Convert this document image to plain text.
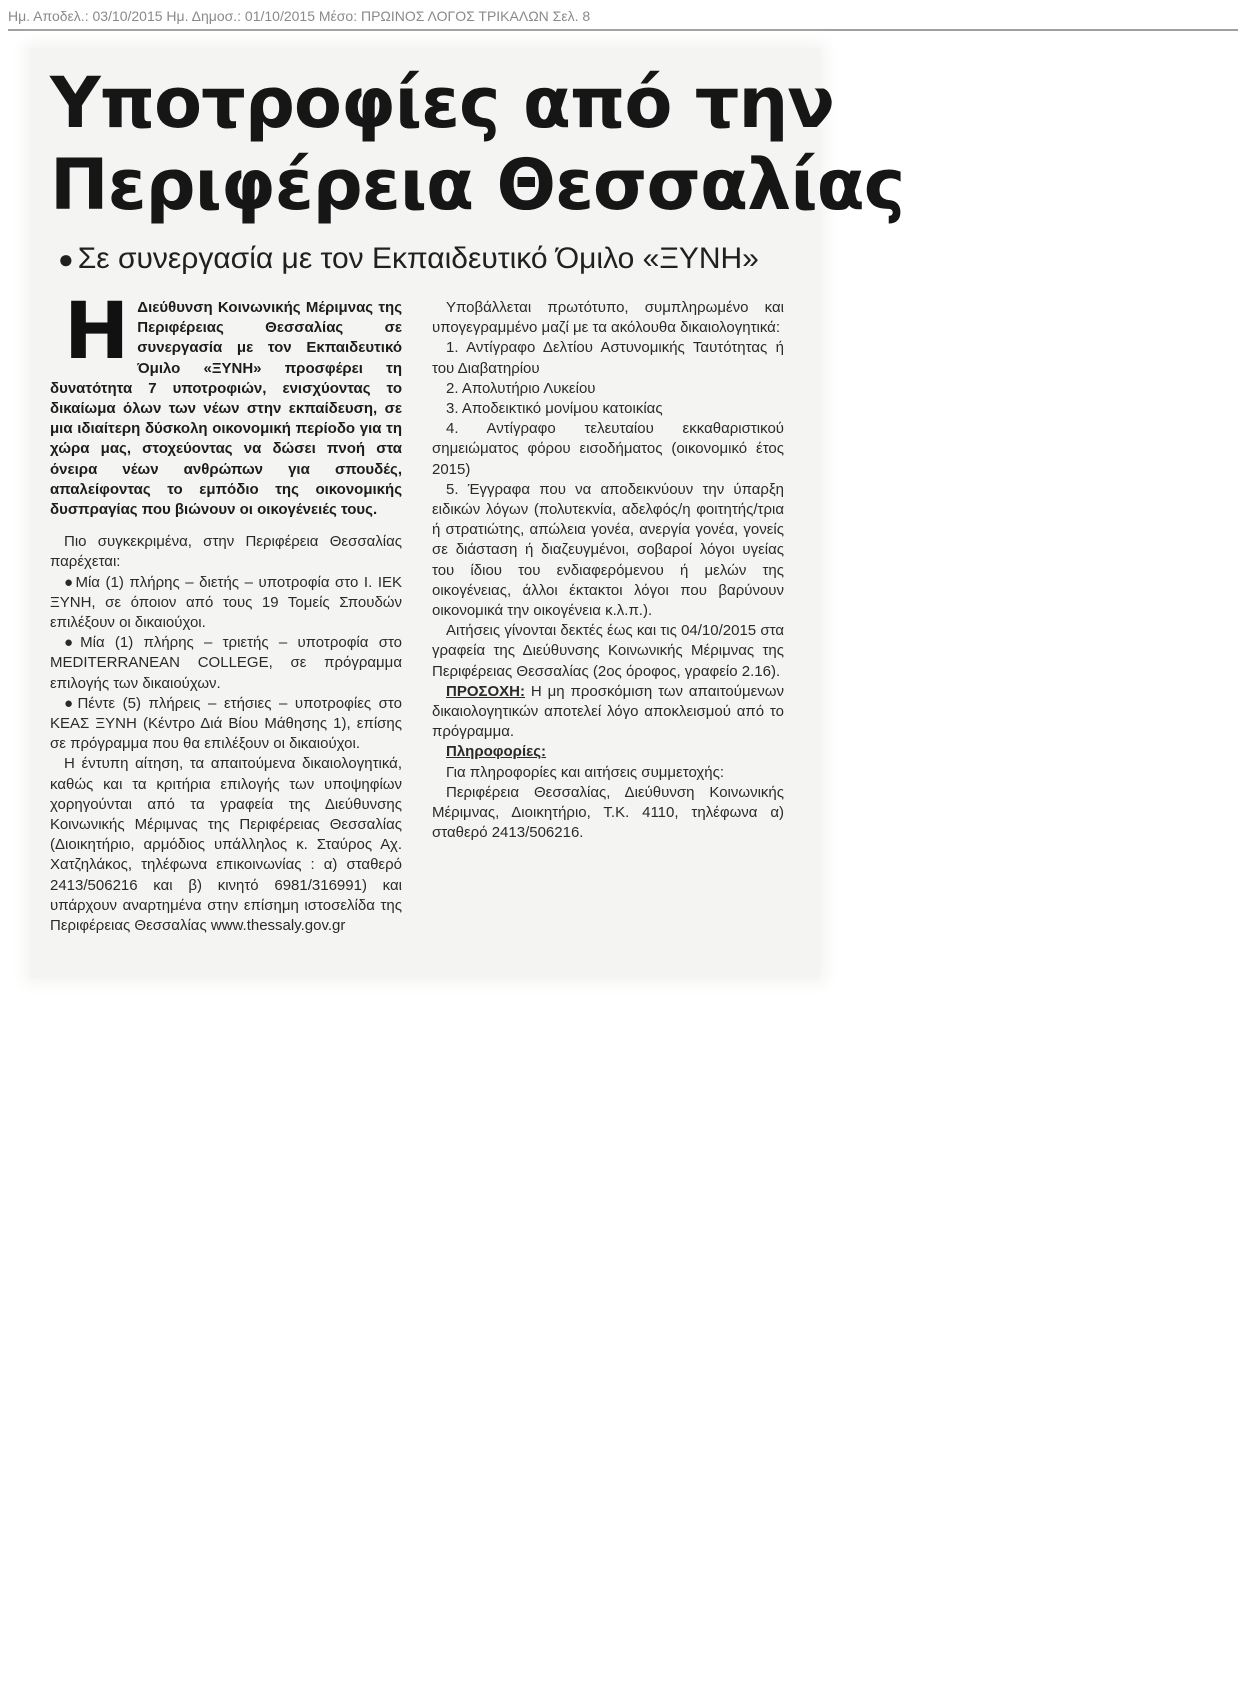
Ημ. Αποδελ.: 03/10/2015 Ημ. Δημοσ.: 01/10/2015 Μέσο: ΠΡΩΙΝΟΣ ΛΟΓΟΣ ΤΡΙΚΑΛΩΝ Σελ. 8
Υποτροφίες από την
Περιφέρεια Θεσσαλίας
● Σε συνεργασία με τον Εκπαιδευτικό Όμιλο «ΞΥΝΗ»
Η Διεύθυνση Κοινωνικής Μέριμνας της Περιφέρειας Θεσσαλίας σε συνεργασία με τον Εκπαιδευτικό Όμιλο «ΞΥΝΗ» προσφέρει τη δυνατότητα 7 υποτροφιών, ενισχύοντας το δικαίωμα όλων των νέων στην εκπαίδευση, σε μια ιδιαίτερη δύσκολη οικονομική περίοδο για τη χώρα μας, στοχεύοντας να δώσει πνοή στα όνειρα νέων ανθρώπων για σπουδές, απαλείφοντας το εμπόδιο της οικονομικής δυσπραγίας που βιώνουν οι οικογένειές τους.

Πιο συγκεκριμένα, στην Περιφέρεια Θεσσαλίας παρέχεται:

●Μία (1) πλήρης – διετής – υποτροφία στο Ι. ΙΕΚ ΞΥΝΗ, σε όποιον από τους 19 Τομείς Σπουδών επιλέξουν οι δικαιούχοι.

●Μία (1) πλήρης – τριετής – υποτροφία στο MEDITERRANEAN COLLEGE, σε πρόγραμμα επιλογής των δικαιούχων.

●Πέντε (5) πλήρεις – ετήσιες – υποτροφίες στο ΚΕΑΣ ΞΥΝΗ (Κέντρο Διά Βίου Μάθησης 1), επίσης σε πρόγραμμα που θα επιλέξουν οι δικαιούχοι.

Η έντυπη αίτηση, τα απαιτούμενα δικαιολογητικά, καθώς και τα κριτήρια επιλογής των υποψηφίων χορηγούνται από τα γραφεία της Διεύθυνσης Κοινωνικής Μέριμνας της Περιφέρειας Θεσσαλίας (Διοικητήριο, αρμόδιος υπάλληλος κ. Σταύρος Αχ. Χατζηλάκος, τηλέφωνα επικοινωνίας : α) σταθερό 2413/506216 και β) κινητό 6981/316991) και υπάρχουν αναρτημένα στην επίσημη ιστοσελίδα της Περιφέρειας Θεσσαλίας www.thessaly.gov.gr

Υποβάλλεται πρωτότυπο, συμπληρωμένο και υπογεγραμμένο μαζί με τα ακόλουθα δικαιολογητικά:

1. Αντίγραφο Δελτίου Αστυνομικής Ταυτότητας ή του Διαβατηρίου

2. Απολυτήριο Λυκείου

3. Αποδεικτικό μονίμου κατοικίας

4. Αντίγραφο τελευταίου εκκαθαριστικού σημειώματος φόρου εισοδήματος (οικονομικό έτος 2015)

5. Έγγραφα που να αποδεικνύουν την ύπαρξη ειδικών λόγων (πολυτεκνία, αδελφός/η φοιτητής/τρια ή στρατιώτης, απώλεια γονέα, ανεργία γονέα, γονείς σε διάσταση ή διαζευγμένοι, σοβαροί λόγοι υγείας του ίδιου του ενδιαφερόμενου ή μελών της οικογένειας, άλλοι έκτακτοι λόγοι που βαρύνουν οικονομικά την οικογένεια κ.λ.π.).

Αιτήσεις γίνονται δεκτές έως και τις 04/10/2015 στα γραφεία της Διεύθυνσης Κοινωνικής Μέριμνας της Περιφέρειας Θεσσαλίας (2ος όροφος, γραφείο 2.16).

ΠΡΟΣΟΧΗ: Η μη προσκόμιση των απαιτούμενων δικαιολογητικών αποτελεί λόγο αποκλεισμού από το πρόγραμμα.

Πληροφορίες:

Για πληροφορίες και αιτήσεις συμμετοχής:

Περιφέρεια Θεσσαλίας, Διεύθυνση Κοινωνικής Μέριμνας, Διοικητήριο, Τ.Κ. 4110, τηλέφωνα α) σταθερό 2413/506216.
